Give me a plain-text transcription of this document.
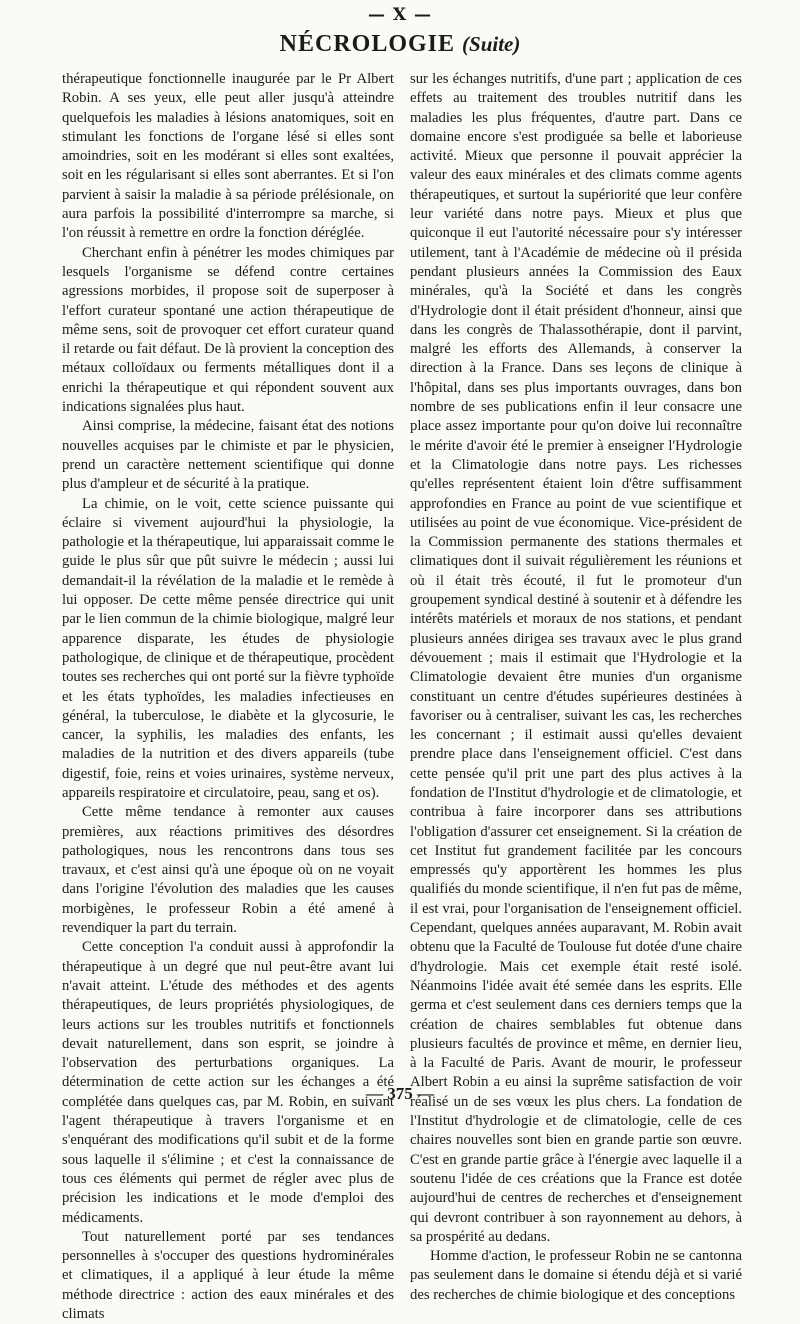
— X —
NÉCROLOGIE (Suite)

thérapeutique fonctionnelle inaugurée par le Pr Albert Robin. A ses yeux, elle peut aller jusqu'à atteindre quelquefois les maladies à lésions anatomiques, soit en stimulant les fonctions de l'organe lésé si elles sont amoindries, soit en les modérant si elles sont exaltées, soit en les régularisant si elles sont aberrantes. Et si l'on parvient à saisir la maladie à sa période prélésionale, on aura parfois la possibilité d'interrompre sa marche, si l'on réussit à remettre en ordre la fonction déréglée.

Cherchant enfin à pénétrer les modes chimiques par lesquels l'organisme se défend contre certaines agressions morbides, il propose soit de superposer à l'effort curateur spontané une action thérapeutique de même sens, soit de provoquer cet effort curateur quand il retarde ou fait défaut. De là provient la conception des métaux colloïdaux ou ferments métalliques dont il a enrichi la thérapeutique et qui répondent souvent aux indications signalées plus haut.

Ainsi comprise, la médecine, faisant état des notions nouvelles acquises par le chimiste et par le physicien, prend un caractère nettement scientifique qui donne plus d'ampleur et de sécurité à la pratique.

La chimie, on le voit, cette science puissante qui éclaire si vivement aujourd'hui la physiologie, la pathologie et la thérapeutique, lui apparaissait comme le guide le plus sûr que pût suivre le médecin ; aussi lui demandait-il la révélation de la maladie et le remède à lui opposer. De cette même pensée directrice qui unit par le lien commun de la chimie biologique, malgré leur apparence disparate, les études de physiologie pathologique, de clinique et de thérapeutique, procèdent toutes ses recherches qui ont porté sur la fièvre typhoïde et les états typhoïdes, les maladies infectieuses en général, la tuberculose, le diabète et la glycosurie, le cancer, la syphilis, les maladies des enfants, les maladies de la nutrition et des divers appareils (tube digestif, foie, reins et voies urinaires, système nerveux, appareils respiratoire et circulatoire, peau, sang et os).

Cette même tendance à remonter aux causes premières, aux réactions primitives des désordres pathologiques, nous les rencontrons dans tous ses travaux, et c'est ainsi qu'à une époque où on ne voyait dans l'origine l'évolution des maladies que les causes morbigènes, le professeur Robin a été amené à revendiquer la part du terrain.

Cette conception l'a conduit aussi à approfondir la thérapeutique à un degré que nul peut-être avant lui n'avait atteint. L'étude des méthodes et des agents thérapeutiques, de leurs propriétés physiologiques, de leurs actions sur les troubles nutritifs et fonctionnels devait naturellement, dans son esprit, se joindre à l'observation des perturbations organiques. La détermination de cette action sur les échanges a été complétée dans quelques cas, par M. Robin, en suivant l'agent thérapeutique à travers l'organisme et en s'enquérant des modifications qu'il subit et de la forme sous laquelle il s'élimine ; et c'est la connaissance de tous ces éléments qui permet de régler avec plus de précision les indications et le mode d'emploi des médicaments.

Tout naturellement porté par ses tendances personnelles à s'occuper des questions hydrominérales et climatiques, il a appliqué à leur étude la même méthode directrice : action des eaux minérales et des climats

sur les échanges nutritifs, d'une part ; application de ces effets au traitement des troubles nutritif dans les maladies les plus fréquentes, d'autre part. Dans ce domaine encore s'est prodiguée sa belle et laborieuse activité. Mieux que personne il pouvait apprécier la valeur des eaux minérales et des climats comme agents thérapeutiques, et surtout la supériorité que leur confère leur variété dans notre pays. Mieux et plus que quiconque il eut l'autorité nécessaire pour s'y intéresser utilement, tant à l'Académie de médecine où il présida pendant plusieurs années la Commission des Eaux minérales, qu'à la Société et dans les congrès d'Hydrologie dont il était président d'honneur, ainsi que dans les congrès de Thalassothérapie, dont il parvint, malgré les efforts des Allemands, à conserver la direction à la France. Dans ses leçons de clinique à l'hôpital, dans ses plus importants ouvrages, dans bon nombre de ses publications enfin il leur consacre une place assez importante pour qu'on doive lui reconnaître le mérite d'avoir été le premier à enseigner l'Hydrologie et la Climatologie dans notre pays. Les richesses qu'elles représentent étaient loin d'être suffisamment approfondies en France au point de vue scientifique et utilisées au point de vue économique. Vice-président de la Commission permanente des stations thermales et climatiques dont il suivait régulièrement les réunions et où il était très écouté, il fut le promoteur d'un groupement syndical destiné à soutenir et à défendre les intérêts matériels et moraux de nos stations, et pendant plusieurs années dirigea ses travaux avec le plus grand dévouement ; mais il estimait que l'Hydrologie et la Climatologie devaient être munies d'un organisme constituant un centre d'études supérieures destinées à favoriser ou à centraliser, suivant les cas, les recherches les concernant ; il estimait aussi qu'elles devaient prendre place dans l'enseignement officiel. C'est dans cette pensée qu'il prit une part des plus actives à la fondation de l'Institut d'hydrologie et de climatologie, et contribua à faire incorporer dans ses attributions l'obligation d'assurer cet enseignement. Si la création de cet Institut fut grandement facilitée par les concours empressés qu'y apportèrent les hommes les plus qualifiés du monde scientifique, il n'en fut pas de même, il est vrai, pour l'organisation de l'enseignement officiel. Cependant, quelques années auparavant, M. Robin avait obtenu que la Faculté de Toulouse fut dotée d'une chaire d'hydrologie. Mais cet exemple était resté isolé. Néanmoins l'idée avait été semée dans les esprits. Elle germa et c'est seulement dans ces derniers temps que la création de chaires semblables fut obtenue dans plusieurs facultés de province et même, en dernier lieu, à la Faculté de Paris. Avant de mourir, le professeur Albert Robin a eu ainsi la suprême satisfaction de voir réalisé un de ses vœux les plus chers. La fondation de l'Institut d'hydrologie et de climatologie, celle de ces chaires nouvelles sont bien en grande partie son œuvre. C'est en grande partie grâce à l'énergie avec laquelle il a soutenu l'idée de ces créations que la France est dotée aujourd'hui de centres de recherches et d'enseignement qui devront contribuer à son rayonnement au dehors, à sa prospérité au dedans.

Homme d'action, le professeur Robin ne se cantonna pas seulement dans le domaine si étendu déjà et si varié des recherches de chimie biologique et des conceptions

— 375 —
